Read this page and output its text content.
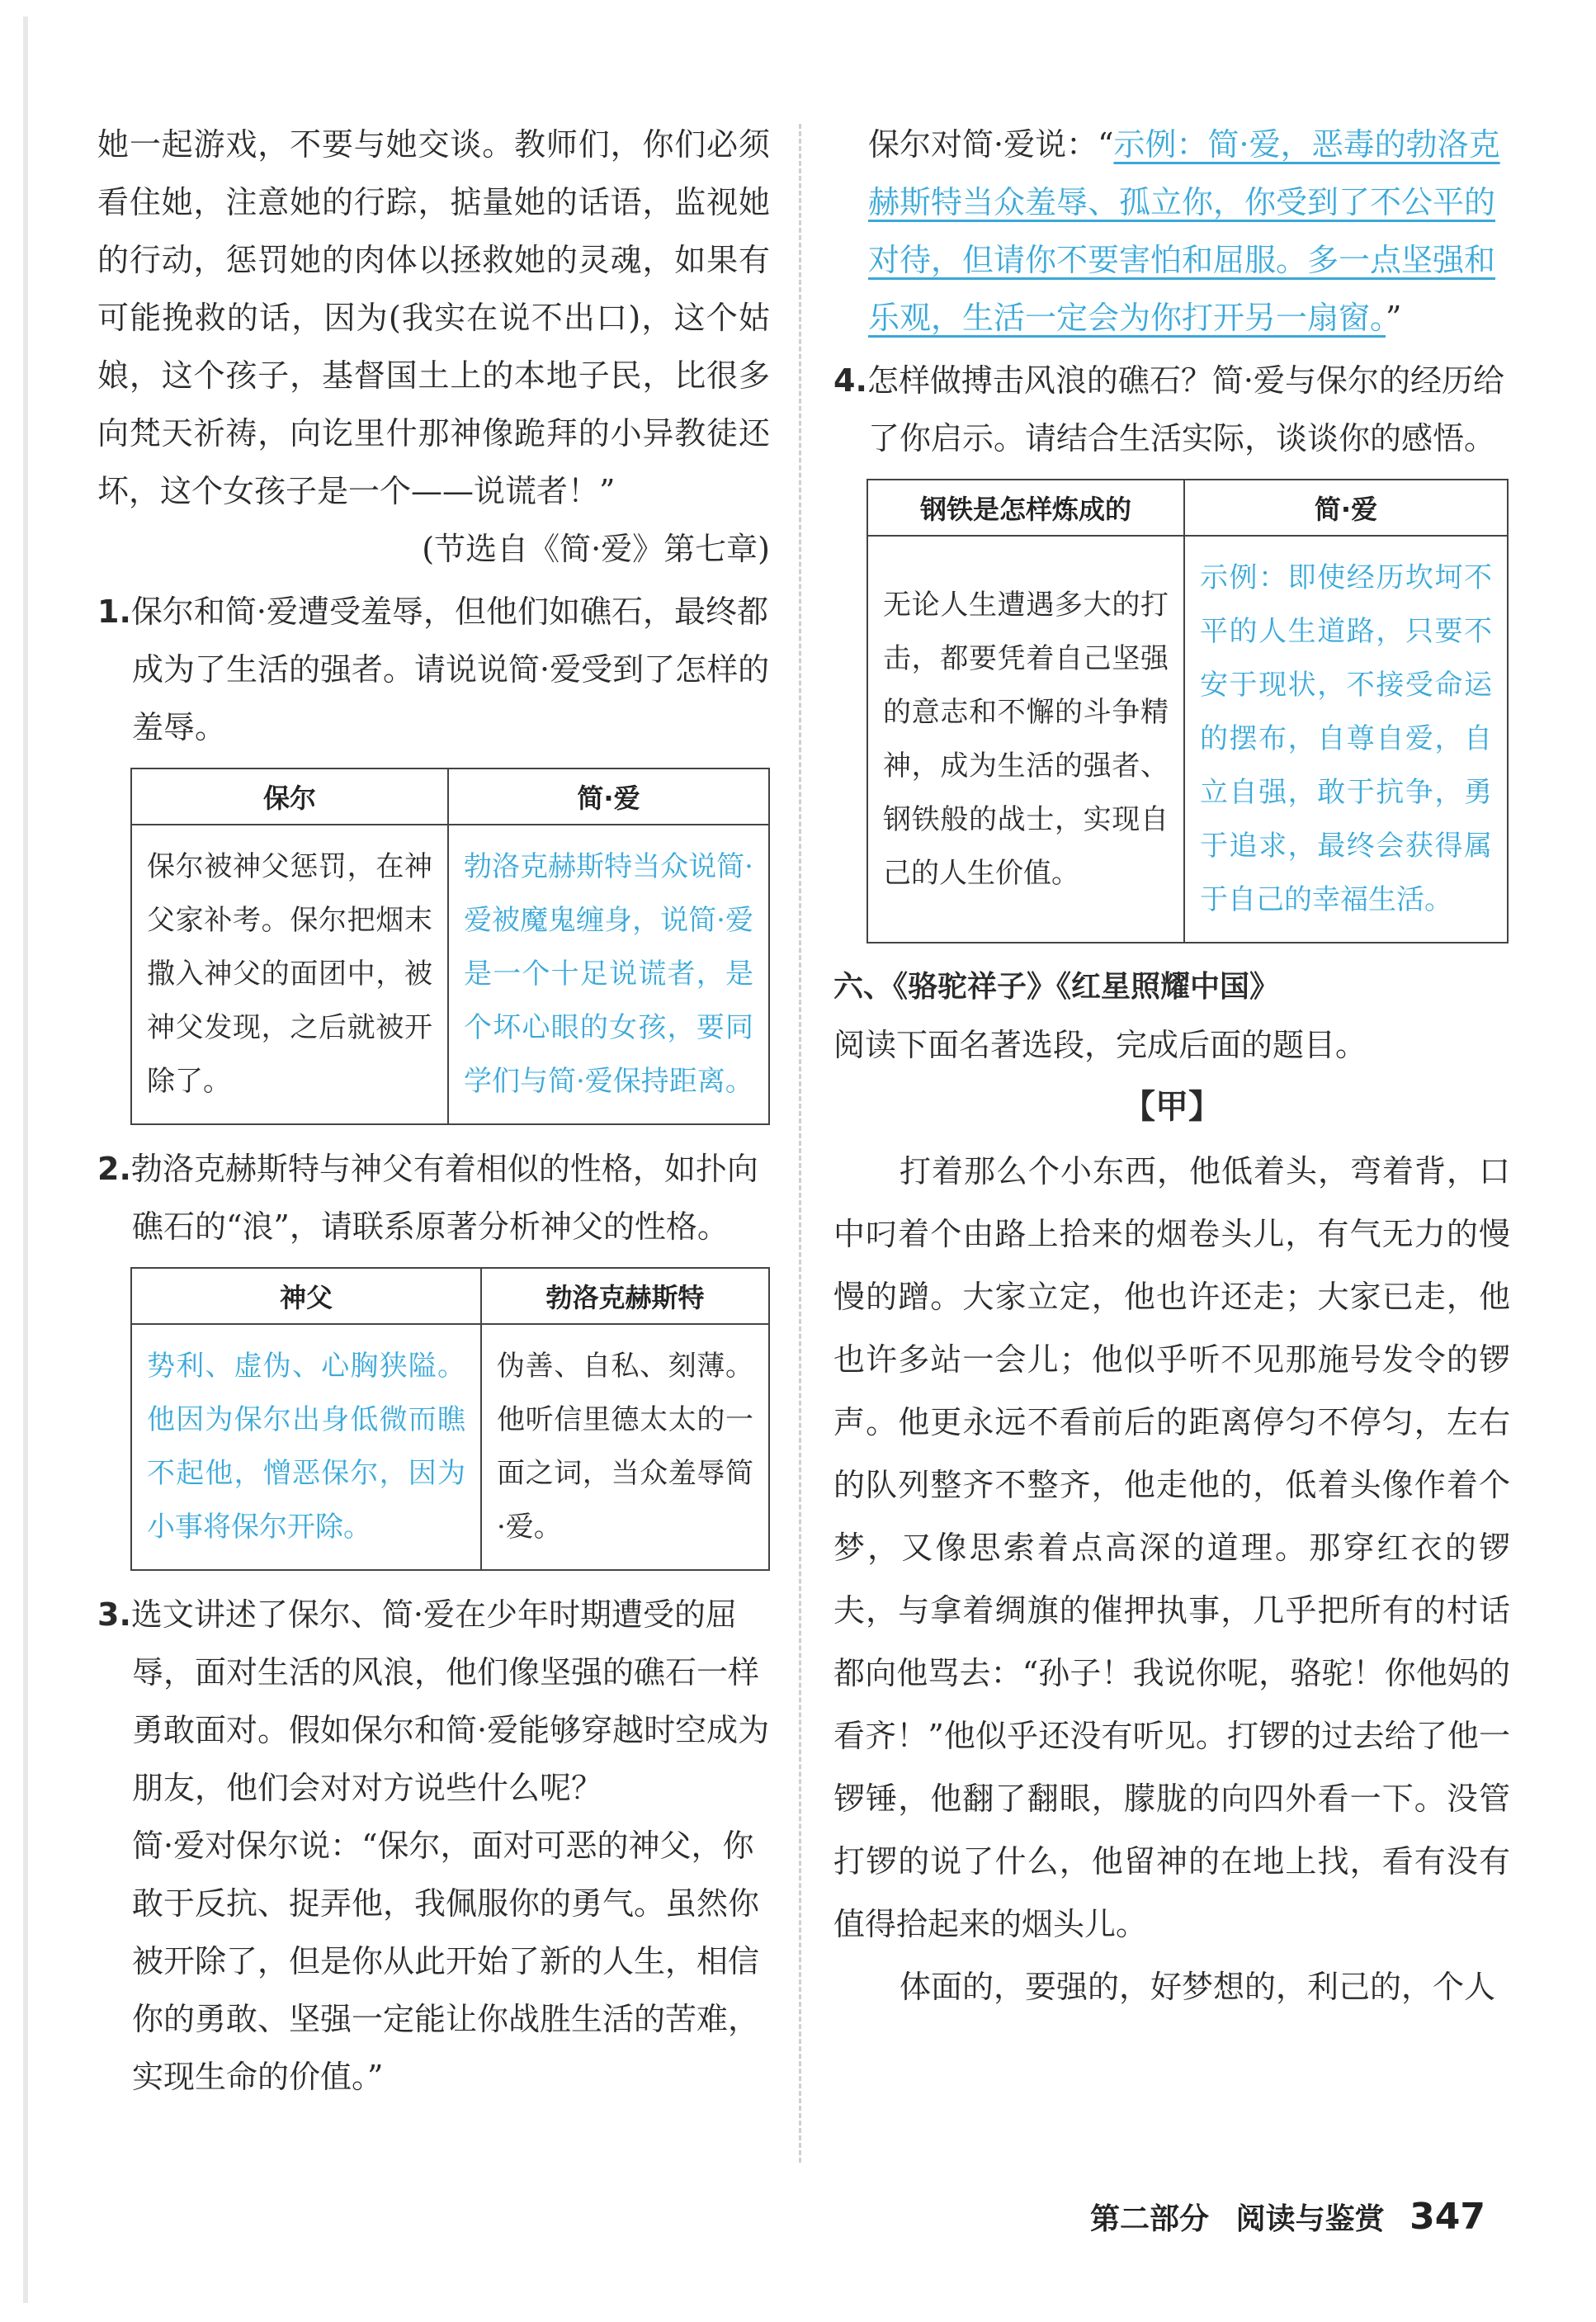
她一起游戏，不要与她交谈。教师们，你们必须看住她，注意她的行踪，掂量她的话语，监视她的行动，惩罚她的肉体以拯救她的灵魂，如果有可能挽救的话，因为(我实在说不出口)，这个姑娘，这个孩子，基督国土上的本地子民，比很多向梵天祈祷，向讫里什那神像跪拜的小异教徒还坏，这个女孩子是一个——说谎者！”

(节选自《简·爱》第七章)

1.保尔和简·爱遭受羞辱，但他们如礁石，最终都成为了生活的强者。请说说简·爱受到了怎样的羞辱。

保尔	简·爱
保尔被神父惩罚，在神父家补考。保尔把烟末撒入神父的面团中，被神父发现，之后就被开除了。	勃洛克赫斯特当众说简·爱被魔鬼缠身，说简·爱是一个十足说谎者，是个坏心眼的女孩，要同学们与简·爱保持距离。

2.勃洛克赫斯特与神父有着相似的性格，如扑向礁石的“浪”，请联系原著分析神父的性格。

神父	勃洛克赫斯特
势利、虚伪、心胸狭隘。他因为保尔出身低微而瞧不起他，憎恶保尔，因为小事将保尔开除。	伪善、自私、刻薄。他听信里德太太的一面之词，当众羞辱简·爱。

3.选文讲述了保尔、简·爱在少年时期遭受的屈辱，面对生活的风浪，他们像坚强的礁石一样勇敢面对。假如保尔和简·爱能够穿越时空成为朋友，他们会对对方说些什么呢？

简·爱对保尔说：“保尔，面对可恶的神父，你敢于反抗、捉弄他，我佩服你的勇气。虽然你被开除了，但是你从此开始了新的人生，相信你的勇敢、坚强一定能让你战胜生活的苦难，实现生命的价值。”

保尔对简·爱说：“示例：简·爱，恶毒的勃洛克赫斯特当众羞辱、孤立你，你受到了不公平的对待，但请你不要害怕和屈服。多一点坚强和乐观，生活一定会为你打开另一扇窗。”

4.怎样做搏击风浪的礁石？简·爱与保尔的经历给了你启示。请结合生活实际，谈谈你的感悟。

钢铁是怎样炼成的	简·爱
无论人生遭遇多大的打击，都要凭着自己坚强的意志和不懈的斗争精神，成为生活的强者、钢铁般的战士，实现自己的人生价值。	示例：即使经历坎坷不平的人生道路，只要不安于现状，不接受命运的摆布，自尊自爱，自立自强，敢于抗争，勇于追求，最终会获得属于自己的幸福生活。

六、《骆驼祥子》《红星照耀中国》

阅读下面名著选段，完成后面的题目。

【甲】

打着那么个小东西，他低着头，弯着背，口中叼着个由路上拾来的烟卷头儿，有气无力的慢慢的蹭。大家立定，他也许还走；大家已走，他也许多站一会儿；他似乎听不见那施号发令的锣声。他更永远不看前后的距离停匀不停匀，左右的队列整齐不整齐，他走他的，低着头像作着个梦，又像思索着点高深的道理。那穿红衣的锣夫，与拿着绸旗的催押执事，几乎把所有的村话都向他骂去：“孙子！我说你呢，骆驼！你他妈的看齐！”他似乎还没有听见。打锣的过去给了他一锣锤，他翻了翻眼，朦胧的向四外看一下。没管打锣的说了什么，他留神的在地上找，看有没有值得拾起来的烟头儿。

体面的，要强的，好梦想的，利己的，个人

第二部分 阅读与鉴赏 347
